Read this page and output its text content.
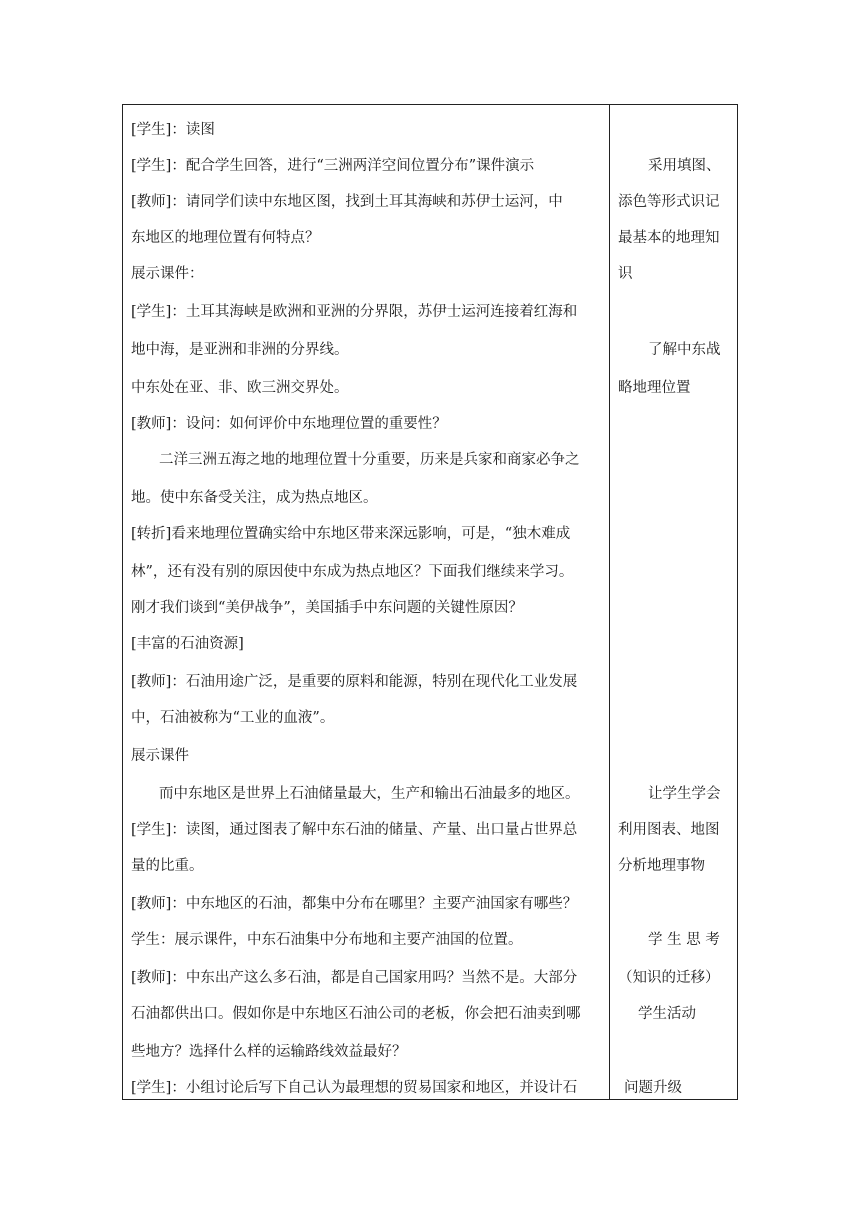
[学生]：读图
[学生]：配合学生回答，进行“三洲两洋空间位置分布”课件演示
[教师]：请同学们读中东地区图，找到土耳其海峡和苏伊士运河，中
东地区的地理位置有何特点？
展示课件：
[学生]：土耳其海峡是欧洲和亚洲的分界限，苏伊士运河连接着红海和
地中海，是亚洲和非洲的分界线。
中东处在亚、非、欧三洲交界处。
[教师]：设问：如何评价中东地理位置的重要性？
二洋三洲五海之地的地理位置十分重要，历来是兵家和商家必争之
地。使中东备受关注，成为热点地区。
[转折]看来地理位置确实给中东地区带来深远影响，可是，“独木难成
林”，还有没有别的原因使中东成为热点地区？下面我们继续来学习。
刚才我们谈到“美伊战争”，美国插手中东问题的关键性原因？
[丰富的石油资源]
[教师]：石油用途广泛，是重要的原料和能源，特别在现代化工业发展
中，石油被称为“工业的血液”。
展示课件
而中东地区是世界上石油储量最大，生产和输出石油最多的地区。
[学生]：读图，通过图表了解中东石油的储量、产量、出口量占世界总
量的比重。
[教师]：中东地区的石油，都集中分布在哪里？主要产油国家有哪些？
学生：展示课件，中东石油集中分布地和主要产油国的位置。
[教师]：中东出产这么多石油，都是自己国家用吗？当然不是。大部分
石油都供出口。假如你是中东地区石油公司的老板，你会把石油卖到哪
些地方？选择什么样的运输路线效益最好？
[学生]：小组讨论后写下自己认为最理想的贸易国家和地区，并设计石
采用填图、
添色等形式识记
最基本的地理知
识
了解中东战
略地理位置
让学生学会
利用图表、地图
分析地理事物
学 生 思 考
（知识的迁移）
学生活动
问题升级
